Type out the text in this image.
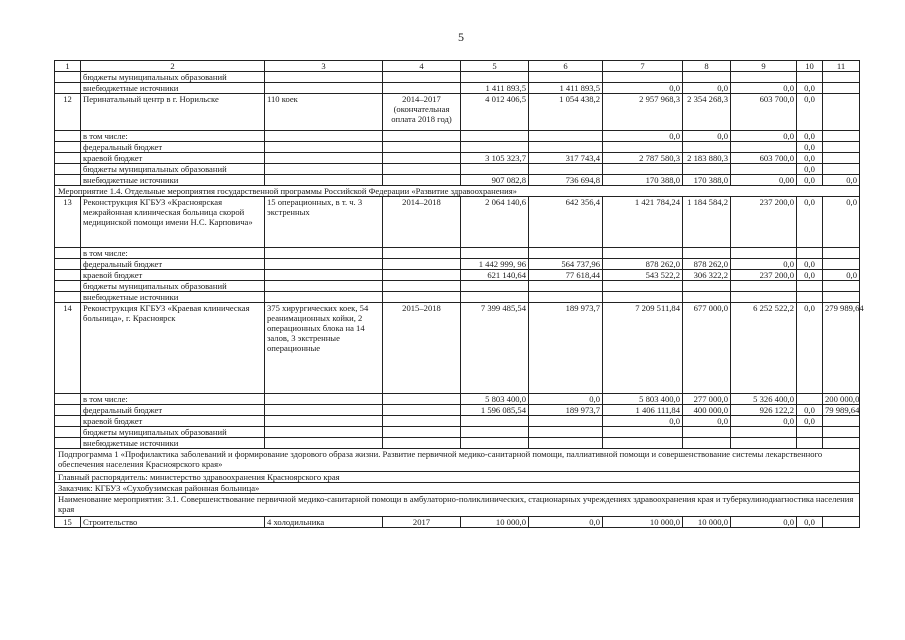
5
1	2	3	4	5	6	7	8	9	10	11
	бюджеты муниципальных образований									
	внебюджетные источники			1 411 893,5	1 411 893,5	0,0	0,0	0,0	0,0	
12	Перинатальный центр в г. Норильске	110 коек	2014–2017 (окончательная оплата 2018 год)	4 012 406,5	1 054 438,2	2 957 968,3	2 354 268,3	603 700,0	0,0	
	в том числе:					0,0	0,0	0,0	0,0	
	федеральный бюджет								0,0	
	краевой бюджет			3 105 323,7	317 743,4	2 787 580,3	2 183 880,3	603 700,0	0,0	
	бюджеты муниципальных образований								0,0	
	внебюджетные источники			907 082,8	736 694,8	170 388,0	170 388,0	0,00	0,0	0,0
Мероприятие 1.4. Отдельные мероприятия государственной программы Российской Федерации «Развитие здравоохранения»										
13	Реконструкция КГБУЗ «Красноярская межрайонная клиническая больница скорой медицинской помощи имени Н.С. Карповича»	15 операционных, в т. ч. 3 экстренных	2014–2018	2 064 140,6	642 356,4	1 421 784,24	1 184 584,2	237 200,0	0,0	0,0
	в том числе:									
	федеральный бюджет			1 442 999, 96	564 737,96	878 262,0	878 262,0	0,0	0,0	
	краевой бюджет			621 140,64	77 618,44	543 522,2	306 322,2	237 200,0	0,0	0,0
	бюджеты муниципальных образований									
	внебюджетные источники									
14	Реконструкция КГБУЗ «Краевая клиническая больница», г. Красноярск	375 хирургических коек, 54 реанимационных койки, 2 операционных блока на 14 залов, 3 экстренные операционные	2015–2018	7 399 485,54	189 973,7	7 209 511,84	677 000,0	6 252 522,2	0,0	279 989,64
	в том числе:			5 803 400,0	0,0	5 803 400,0	277 000,0	5 326 400,0		200 000,0
	федеральный бюджет			1 596 085,54	189 973,7	1 406 111,84	400 000,0	926 122,2	0,0	79 989,64
	краевой бюджет					0,0	0,0	0,0	0,0	
	бюджеты муниципальных образований									
	внебюджетные источники									
Подпрограмма 1 «Профилактика заболеваний и формирование здорового образа жизни. Развитие первичной медико-санитарной помощи, паллиативной помощи и совершенствование системы лекарственного обеспечения населения Красноярского края»										
Главный распорядитель: министерство здравоохранения Красноярского края										
Заказчик: КГБУЗ «Сухобузимская районная больница»										
Наименование мероприятия: 3.1. Совершенствование первичной медико-санитарной помощи в амбулаторно-поликлинических, стационарных учреждениях здравоохранения края и туберкулинодиагностика населения края										
15	Строительство	4 холодильника	2017	10 000,0	0,0	10 000,0	10 000,0	0,0	0,0	
